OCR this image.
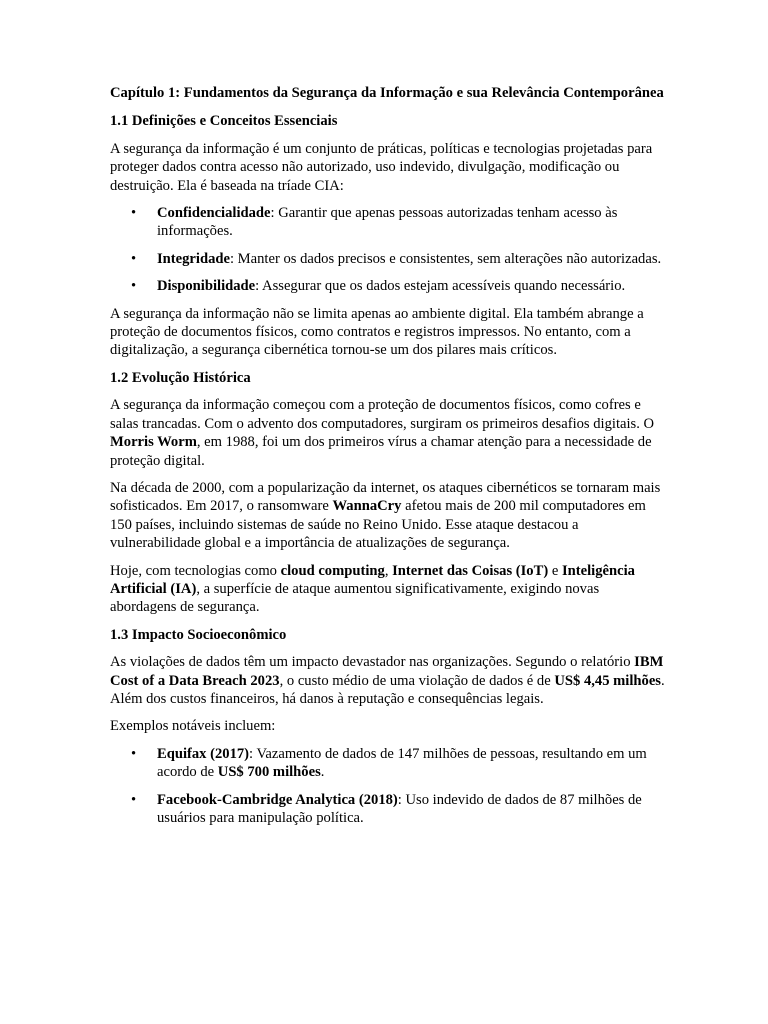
Capítulo 1: Fundamentos da Segurança da Informação e sua Relevância Contemporânea
1.1 Definições e Conceitos Essenciais

A segurança da informação é um conjunto de práticas, políticas e tecnologias projetadas para proteger dados contra acesso não autorizado, uso indevido, divulgação, modificação ou destruição. Ela é baseada na tríade CIA:

• Confidencialidade: Garantir que apenas pessoas autorizadas tenham acesso às informações.
• Integridade: Manter os dados precisos e consistentes, sem alterações não autorizadas.
• Disponibilidade: Assegurar que os dados estejam acessíveis quando necessário.

A segurança da informação não se limita apenas ao ambiente digital. Ela também abrange a proteção de documentos físicos, como contratos e registros impressos. No entanto, com a digitalização, a segurança cibernética tornou-se um dos pilares mais críticos.

1.2 Evolução Histórica

A segurança da informação começou com a proteção de documentos físicos, como cofres e salas trancadas. Com o advento dos computadores, surgiram os primeiros desafios digitais. O Morris Worm, em 1988, foi um dos primeiros vírus a chamar atenção para a necessidade de proteção digital.

Na década de 2000, com a popularização da internet, os ataques cibernéticos se tornaram mais sofisticados. Em 2017, o ransomware WannaCry afetou mais de 200 mil computadores em 150 países, incluindo sistemas de saúde no Reino Unido. Esse ataque destacou a vulnerabilidade global e a importância de atualizações de segurança.

Hoje, com tecnologias como cloud computing, Internet das Coisas (IoT) e Inteligência Artificial (IA), a superfície de ataque aumentou significativamente, exigindo novas abordagens de segurança.

1.3 Impacto Socioeconômico

As violações de dados têm um impacto devastador nas organizações. Segundo o relatório IBM Cost of a Data Breach 2023, o custo médio de uma violação de dados é de US$ 4,45 milhões. Além dos custos financeiros, há danos à reputação e consequências legais.

Exemplos notáveis incluem:

• Equifax (2017): Vazamento de dados de 147 milhões de pessoas, resultando em um acordo de US$ 700 milhões.
• Facebook-Cambridge Analytica (2018): Uso indevido de dados de 87 milhões de usuários para manipulação política.
